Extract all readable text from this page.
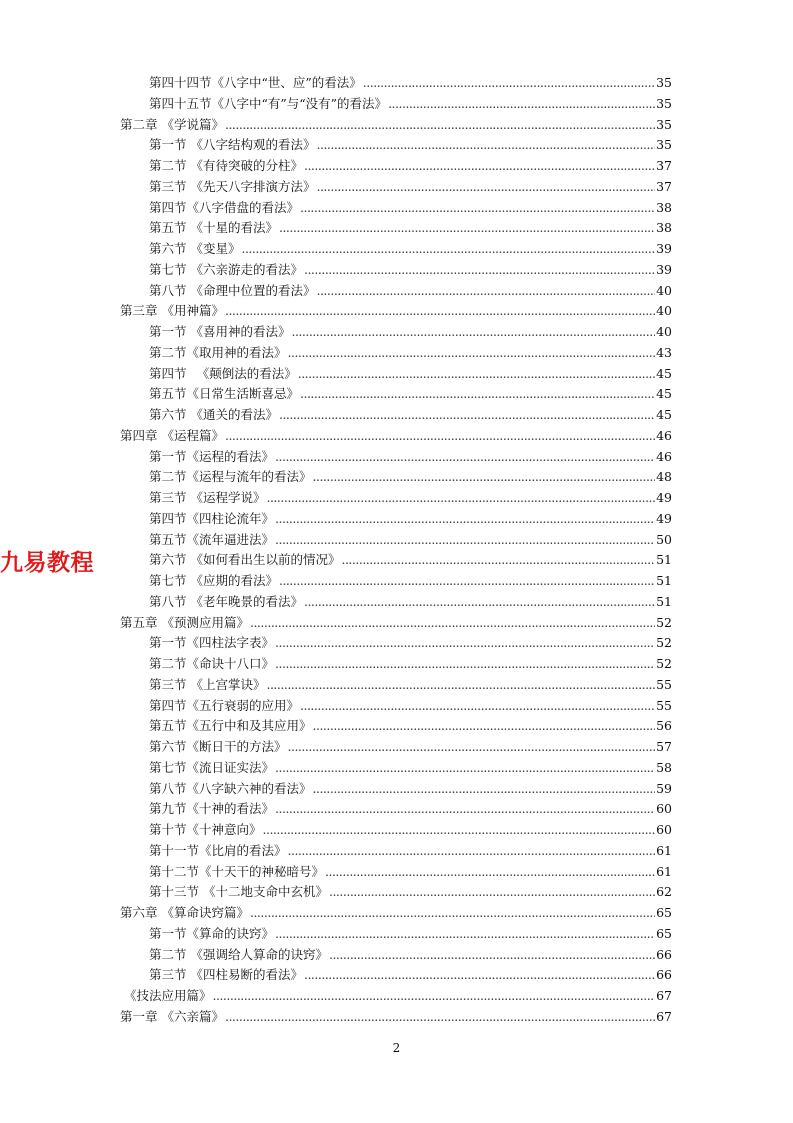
第四十四节《八字中“世、应”的看法》 .....	35
第四十五节《八字中“有”与“没有”的看法》 .....	35
第二章 《学说篇》 .....	35
第一节 《八字结构观的看法》 .....	35
第二节 《有待突破的分柱》 .....	37
第三节 《先天八字排演方法》 .....	37
第四节《八字借盘的看法》 .....	38
第五节 《十星的看法》 .....	38
第六节 《变星》 .....	39
第七节 《六亲游走的看法》 .....	39
第八节 《命理中位置的看法》 .....	40
第三章 《用神篇》 .....	40
第一节 《喜用神的看法》 .....	40
第二节《取用神的看法》 .....	43
第四节 　《颠倒法的看法》 .....	45
第五节《日常生活断喜忌》 .....	45
第六节 《通关的看法》 .....	45
第四章 《运程篇》 .....	46
第一节《运程的看法》 .....	46
第二节《运程与流年的看法》 .....	48
第三节 《运程学说》 .....	49
第四节《四柱论流年》 .....	49
第五节《流年逼进法》 .....	50
第六节 《如何看出生以前的情况》 .....	51
第七节 《应期的看法》 .....	51
第八节 《老年晚景的看法》 .....	51
第五章 《预测应用篇》 .....	52
第一节《四柱法字表》 .....	52
第二节《命诀十八口》 .....	52
第三节 《上宫掌诀》 .....	55
第四节《五行衰弱的应用》 .....	55
第五节《五行中和及其应用》 .....	56
第六节《断日干的方法》 .....	57
第七节《流日证实法》 .....	58
第八节《八字缺六神的看法》 .....	59
第九节《十神的看法》 .....	60
第十节《十神意向》 .....	60
第十一节《比肩的看法》 .....	61
第十二节《十天干的神秘暗号》 .....	61
第十三节 《十二地支命中玄机》 .....	62
第六章 《算命诀窍篇》 .....	65
第一节《算命的诀窍》 .....	65
第二节 《强调给人算命的诀窍》 .....	66
第三节 《四柱易断的看法》 .....	66
《技法应用篇》 .....	67
第一章 《六亲篇》 .....	67
九易教程
2
